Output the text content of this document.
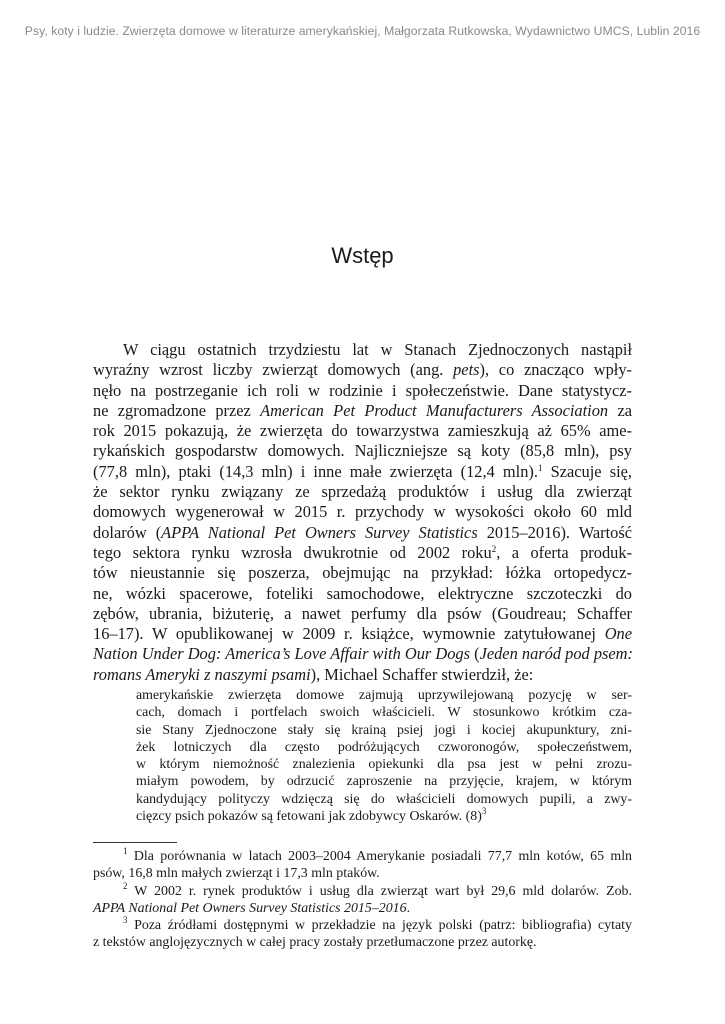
Psy, koty i ludzie. Zwierzęta domowe w literaturze amerykańskiej, Małgorzata Rutkowska, Wydawnictwo UMCS, Lublin 2016
Wstęp
W ciągu ostatnich trzydziestu lat w Stanach Zjednoczonych nastąpił
wyraźny wzrost liczby zwierząt domowych (ang. pets), co znacząco wpły-
nęło na postrzeganie ich roli w rodzinie i społeczeństwie. Dane statystycz-
ne zgromadzone przez American Pet Product Manufacturers Association za
rok 2015 pokazują, że zwierzęta do towarzystwa zamieszkują aż 65% ame-
rykańskich gospodarstw domowych. Najliczniejsze są koty (85,8 mln), psy
(77,8 mln), ptaki (14,3 mln) i inne małe zwierzęta (12,4 mln).$^1$ Szacuje się,
że sektor rynku związany ze sprzedażą produktów i usług dla zwierząt
domowych wygenerował w 2015 r. przychody w wysokości około 60 mld
dolarów (APPA National Pet Owners Survey Statistics 2015–2016). Wartość
tego sektora rynku wzrosła dwukrotnie od 2002 roku$^2$, a oferta produk-
tów nieustannie się poszerza, obejmując na przykład: łóżka ortopedycz-
ne, wózki spacerowe, foteliki samochodowe, elektryczne szczoteczki do
zębów, ubrania, biżuterię, a nawet perfumy dla psów (Goudreau; Schaffer
16–17). W opublikowanej w 2009 r. książce, wymownie zatytułowanej One
Nation Under Dog: America’s Love Affair with Our Dogs (Jeden naród pod psem:
romans Ameryki z naszymi psami), Michael Schaffer stwierdził, że:
amerykańskie zwierzęta domowe zajmują uprzywilejowaną pozycję w ser-
cach, domach i portfelach swoich właścicieli. W stosunkowo krótkim cza-
sie Stany Zjednoczone stały się krainą psiej jogi i kociej akupunktury, zni-
żek lotniczych dla często podróżujących czworonogów, społeczeństwem,
w którym niemożność znalezienia opiekunki dla psa jest w pełni zrozu-
miałym powodem, by odrzucić zaproszenie na przyjęcie, krajem, w którym
kandydujący polityczy wdzięczą się do właścicieli domowych pupili, a zwy-
cięzcy psich pokazów są fetowani jak zdobywcy Oskarów. $(8)^3$
$^1$ Dla porównania w latach 2003–2004 Amerykanie posiadali 77,7 mln kotów, 65 mln
psów, 16,8 mln małych zwierząt i 17,3 mln ptaków.
$^2$ W 2002 r. rynek produktów i usług dla zwierząt wart był 29,6 mld dolarów. Zob.
APPA National Pet Owners Survey Statistics 2015–2016.
$^3$ Poza źródłami dostępnymi w przekładzie na język polski (patrz: bibliografia) cytaty
z tekstów anglojęzycznych w całej pracy zostały przetłumaczone przez autorkę.
